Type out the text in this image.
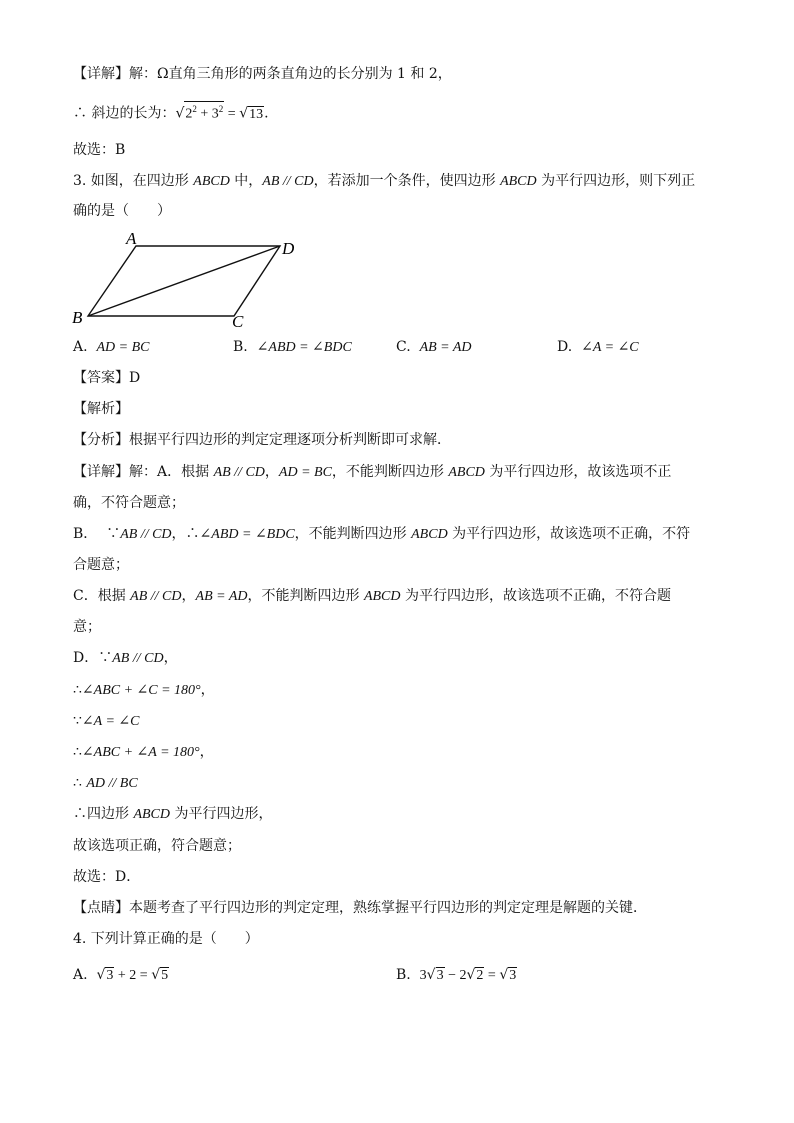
【详解】解：Ω直角三角形的两条直角边的长分别为 1 和 2，
∴ 斜边的长为：$√2^2 + 3^2 = √13$.
故选：B
3. 如图，在四边形 ABCD 中，AB // CD，若添加一个条件，使四边形 ABCD 为平行四边形，则下列正
确的是（　　）
A
D
B	C
A. AD = BC	B. ∠ABD = ∠BDC	C. AB = AD	D. ∠A = ∠C
【答案】D
【解析】
【分析】根据平行四边形的判定定理逐项分析判断即可求解．
【详解】解：A．根据 AB // CD，AD = BC，不能判断四边形 ABCD 为平行四边形，故该选项不正
确，不符合题意；
B． ∵AB // CD，∴∠ABD = ∠BDC，不能判断四边形 ABCD 为平行四边形，故该选项不正确，不符
合题意；
C．根据 AB // CD，AB = AD，不能判断四边形 ABCD 为平行四边形，故该选项不正确，不符合题
意；
D．∵AB // CD，
∴∠ABC + ∠C = 180°，
∵∠A = ∠C
∴∠ABC + ∠A = 180°，
∴ AD // BC
∴四边形 ABCD 为平行四边形，
故该选项正确，符合题意；
故选：D．
【点睛】本题考查了平行四边形的判定定理，熟练掌握平行四边形的判定定理是解题的关键．
4. 下列计算正确的是（　　）
A. √3 + 2 = √5	B. 3√3 − 2√2 = √3
